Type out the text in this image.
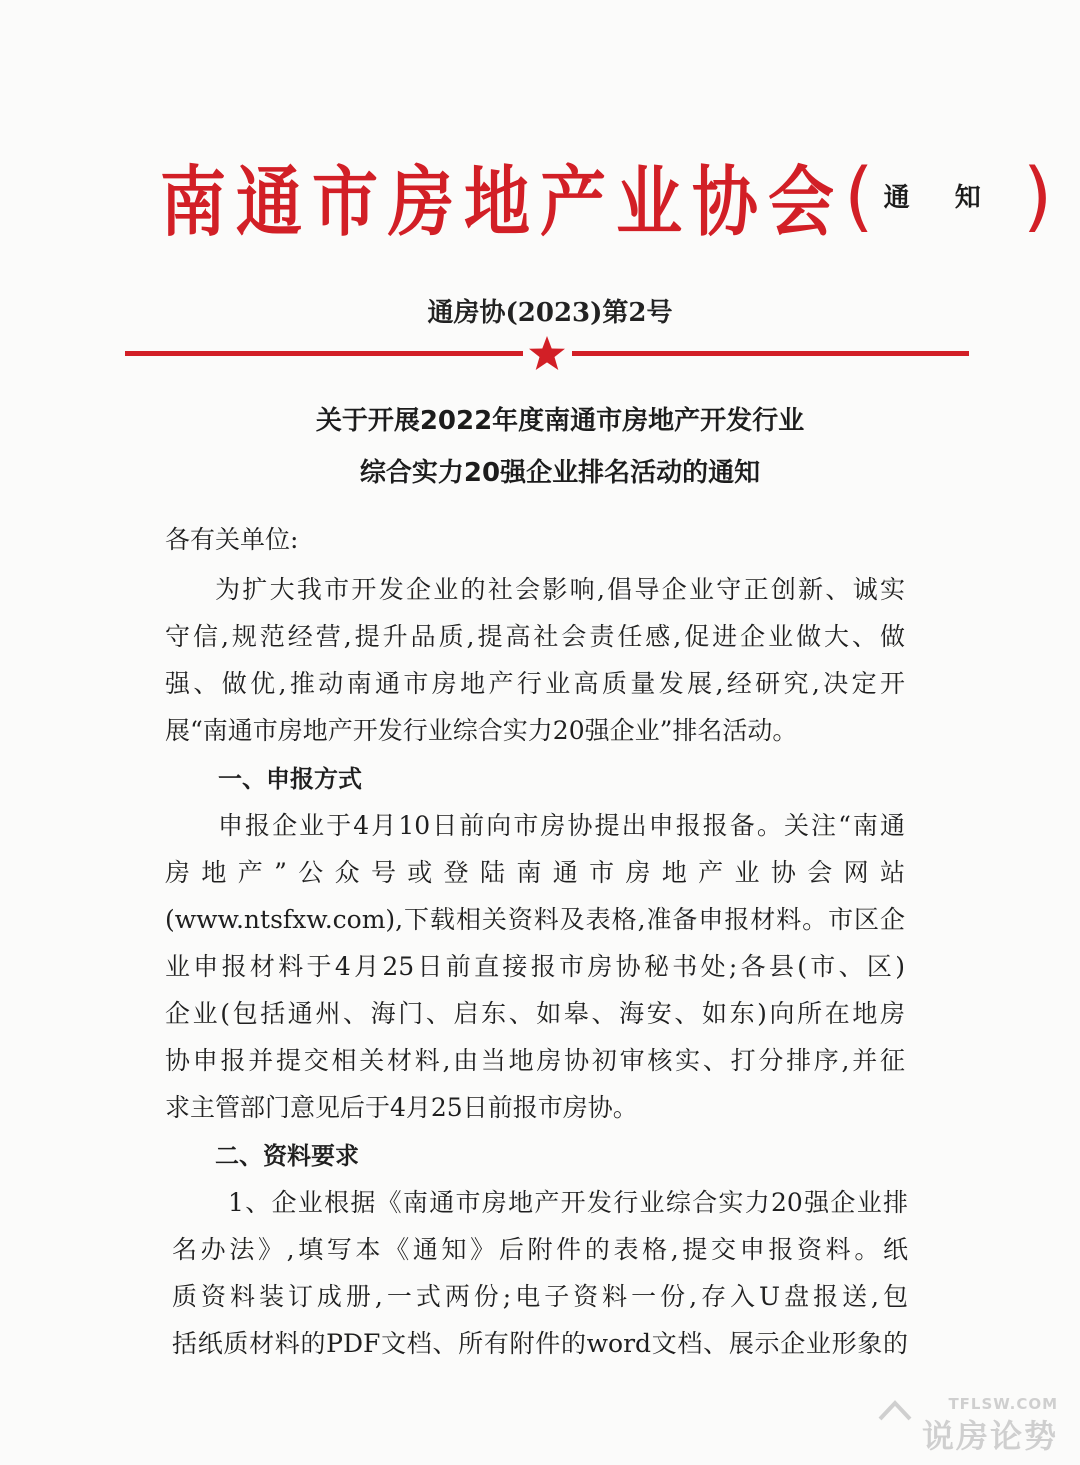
南通市房地产业协会 ( 通 知 )
通房协(2023)第2号
关于开展2022年度南通市房地产开发行业
综合实力20强企业排名活动的通知
各有关单位:
为扩大我市开发企业的社会影响,倡导企业守正创新、诚实
守信,规范经营,提升品质,提高社会责任感,促进企业做大、做
强、做优,推动南通市房地产行业高质量发展,经研究,决定开
展“南通市房地产开发行业综合实力20强企业”排名活动。
一、申报方式
申报企业于4月10日前向市房协提出申报报备。关注“南通
房地产”公众号或登陆南通市房地产业协会网站
(www.ntsfxw.com),下载相关资料及表格,准备申报材料。市区企
业申报材料于4月25日前直接报市房协秘书处;各县(市、区)
企业(包括通州、海门、启东、如皋、海安、如东)向所在地房
协申报并提交相关材料,由当地房协初审核实、打分排序,并征
求主管部门意见后于4月25日前报市房协。
二、资料要求
1、企业根据《南通市房地产开发行业综合实力20强企业排
名办法》,填写本《通知》后附件的表格,提交申报资料。纸
质资料装订成册,一式两份;电子资料一份,存入U盘报送,包
括纸质材料的PDF文档、所有附件的word文档、展示企业形象的
TFLSW.COM
说房论势
